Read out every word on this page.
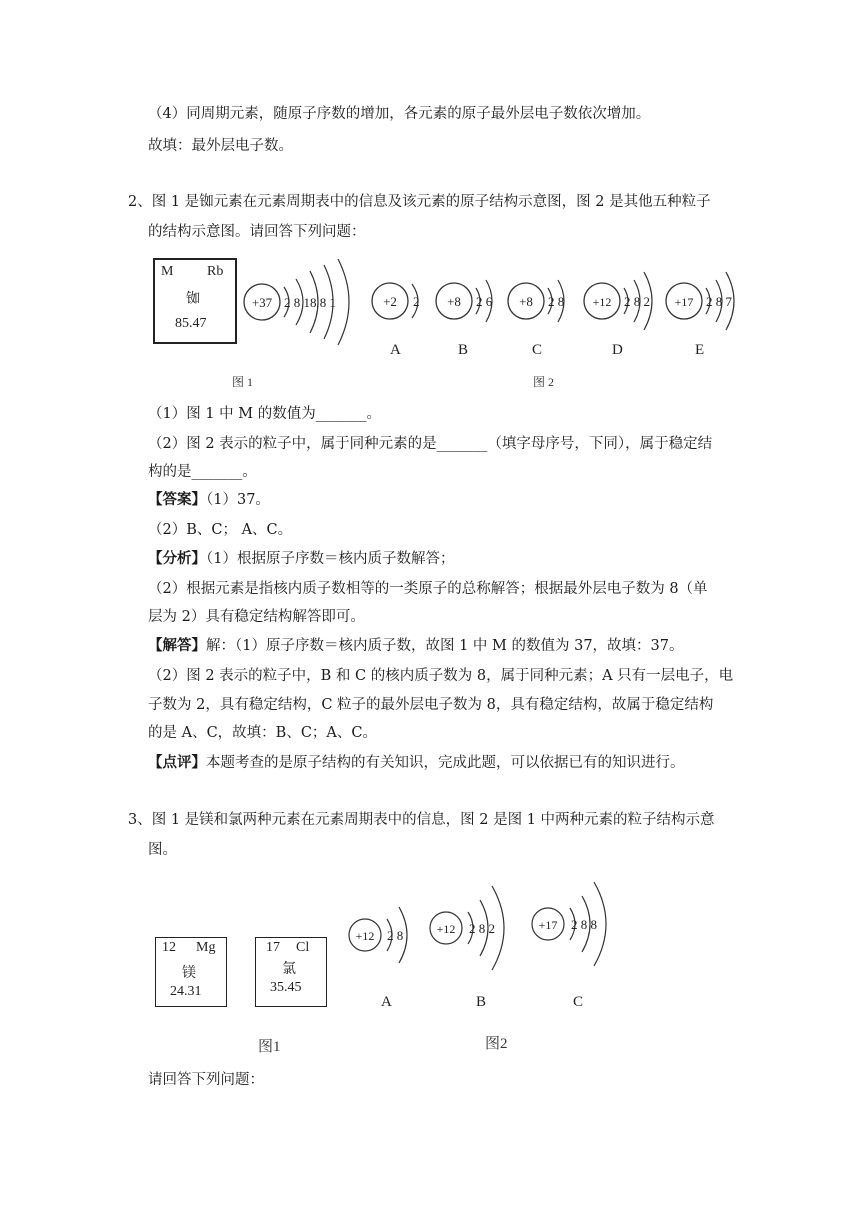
（4）同周期元素，随原子序数的增加，各元素的原子最外层电子数依次增加。
故填：最外层电子数。
2、图 1 是铷元素在元素周期表中的信息及该元素的原子结构示意图，图 2 是其他五种粒子
的结构示意图。请回答下列问题：
M Rb
铷
85.47
+37 2 8 18 8 1	+2 2 +8 2 6 +8 2 8 +12 2 8 2 +17 2 8 7
A	B	C	D	E
图 1	图 2
（1）图 1 中 M 的数值为_______。
（2）图 2 表示的粒子中，属于同种元素的是_______（填字母序号，下同），属于稳定结
构的是_______。
【答案】（1）37。
（2）B、C； A、C。
【分析】（1）根据原子序数＝核内质子数解答；
（2）根据元素是指核内质子数相等的一类原子的总称解答；根据最外层电子数为 8（单
层为 2）具有稳定结构解答即可。
【解答】解：（1）原子序数＝核内质子数，故图 1 中 M 的数值为 37，故填：37。
（2）图 2 表示的粒子中，B 和 C 的核内质子数为 8，属于同种元素；A 只有一层电子，电
子数为 2，具有稳定结构，C 粒子的最外层电子数为 8，具有稳定结构，故属于稳定结构
的是 A、C，故填：B、C；A、C。
【点评】本题考查的是原子结构的有关知识，完成此题，可以依据已有的知识进行。
3、图 1 是镁和氯两种元素在元素周期表中的信息，图 2 是图 1 中两种元素的粒子结构示意
图。
12 Mg
镁
24.31
17 Cl
氯
35.45
+12 2 8	+12 2 8 2	+17 2 8 8
A	B	C
图1	图2
请回答下列问题：
